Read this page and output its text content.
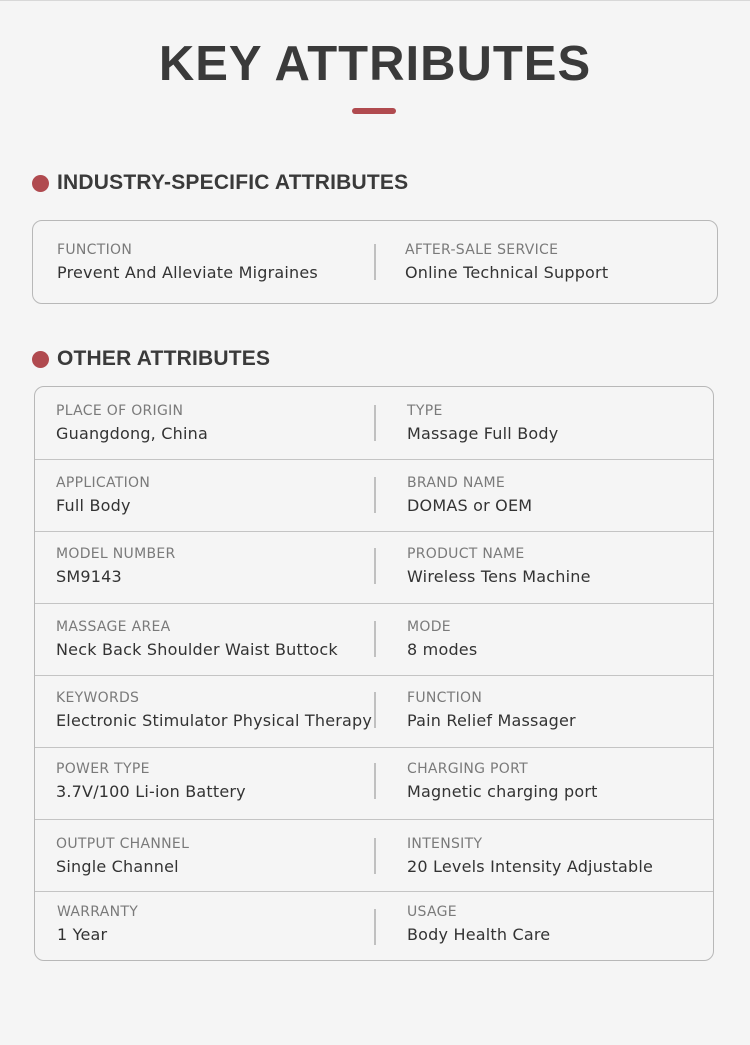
KEY ATTRIBUTES
INDUSTRY-SPECIFIC ATTRIBUTES
FUNCTION
Prevent And Alleviate Migraines
AFTER-SALE SERVICE
Online Technical Support
OTHER ATTRIBUTES
PLACE OF ORIGIN
Guangdong, China
TYPE
Massage Full Body
APPLICATION
Full Body
BRAND NAME
DOMAS or OEM
MODEL NUMBER
SM9143
PRODUCT NAME
Wireless Tens Machine
MASSAGE AREA
Neck Back Shoulder Waist Buttock
MODE
8 modes
KEYWORDS
Electronic Stimulator Physical Therapy
FUNCTION
Pain Relief Massager
POWER TYPE
3.7V/100 Li-ion Battery
CHARGING PORT
Magnetic charging port
OUTPUT CHANNEL
Single Channel
INTENSITY
20 Levels Intensity Adjustable
WARRANTY
1 Year
USAGE
Body Health Care
